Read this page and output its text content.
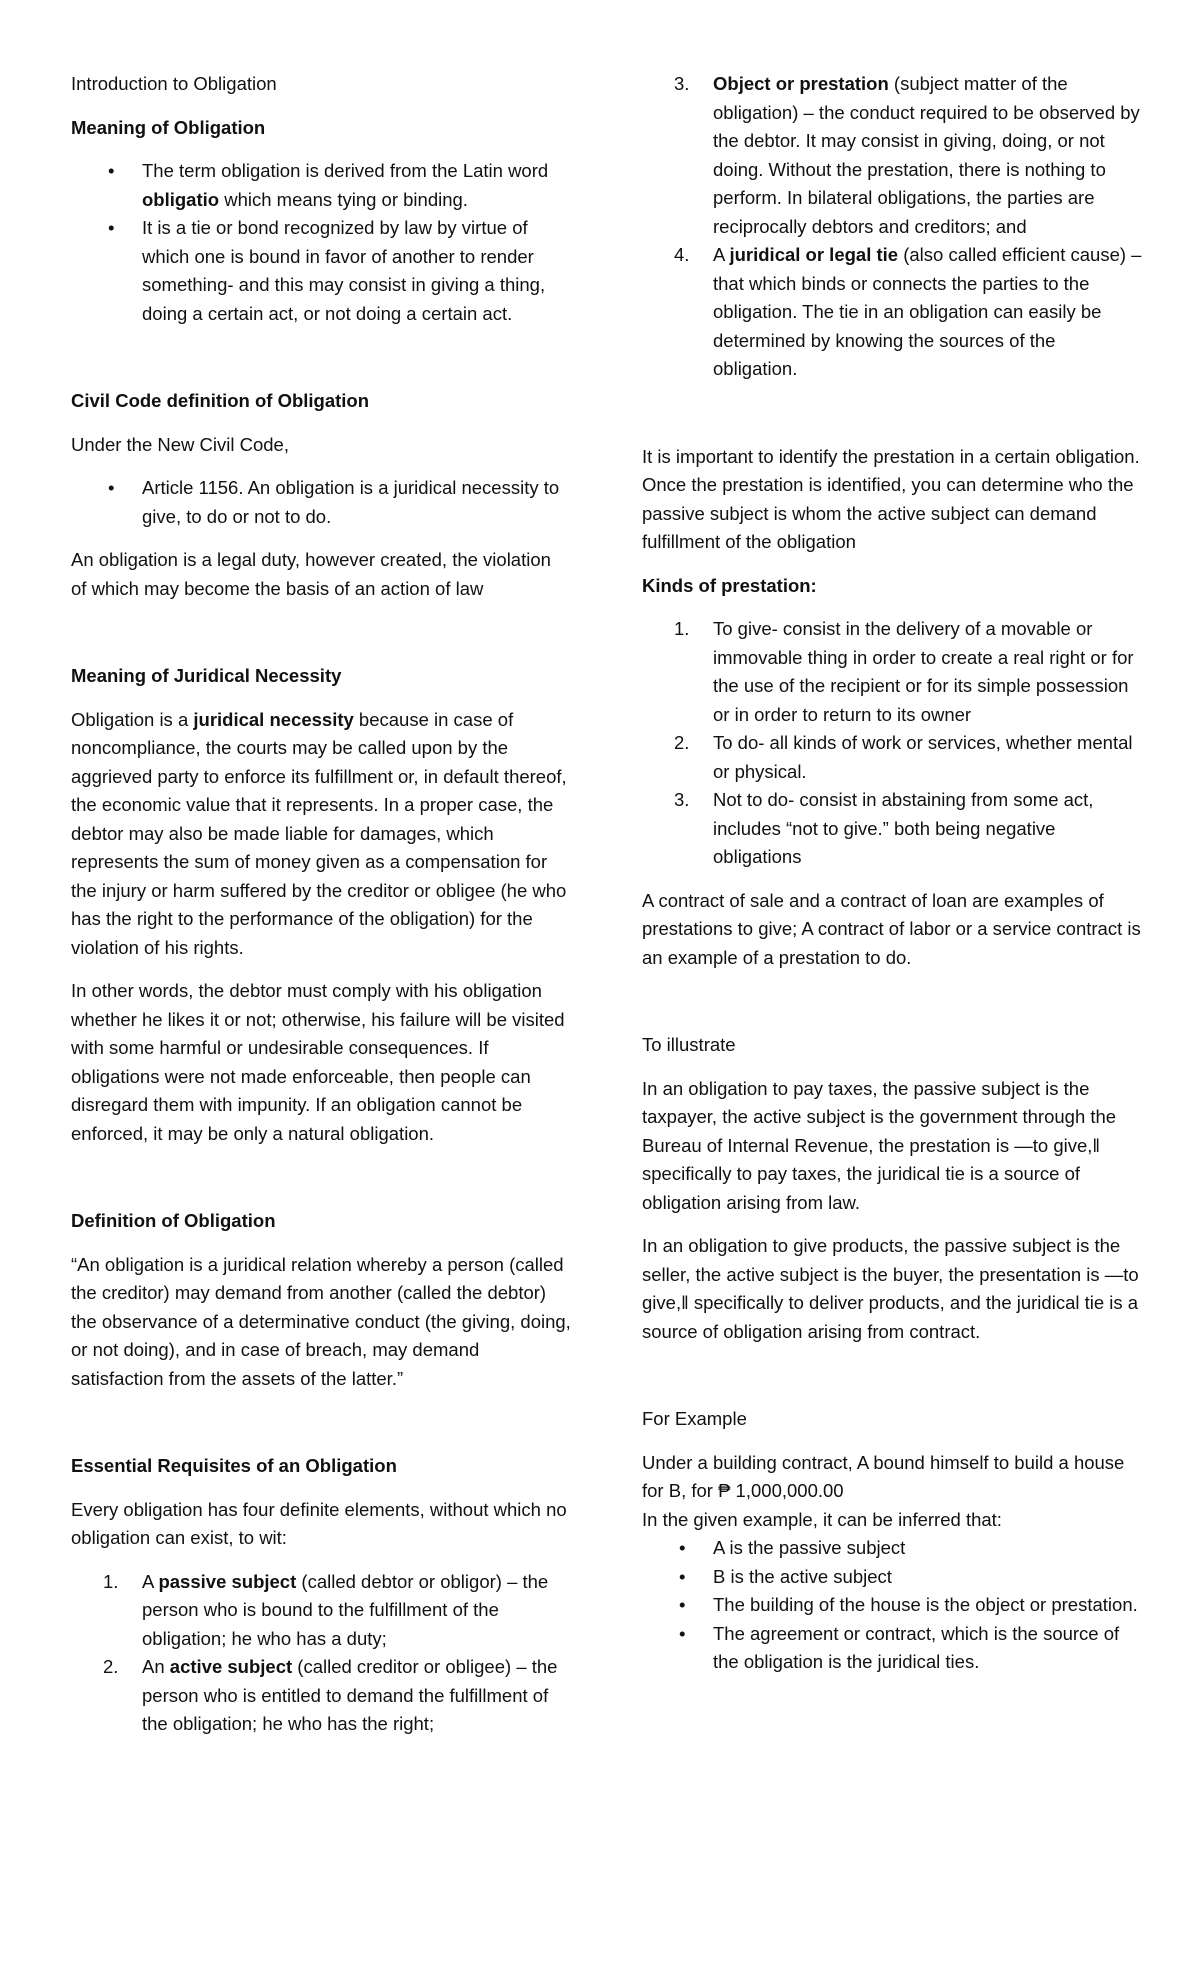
Introduction to Obligation

Meaning of Obligation

• The term obligation is derived from the Latin word obligatio which means tying or binding.
• It is a tie or bond recognized by law by virtue of which one is bound in favor of another to render something- and this may consist in giving a thing, doing a certain act, or not doing a certain act.

Civil Code definition of Obligation

Under the New Civil Code,

• Article 1156. An obligation is a juridical necessity to give, to do or not to do.

An obligation is a legal duty, however created, the violation of which may become the basis of an action of law

Meaning of Juridical Necessity

Obligation is a juridical necessity because in case of noncompliance, the courts may be called upon by the aggrieved party to enforce its fulfillment or, in default thereof, the economic value that it represents. In a proper case, the debtor may also be made liable for damages, which represents the sum of money given as a compensation for the injury or harm suffered by the creditor or obligee (he who has the right to the performance of the obligation) for the violation of his rights.

In other words, the debtor must comply with his obligation whether he likes it or not; otherwise, his failure will be visited with some harmful or undesirable consequences. If obligations were not made enforceable, then people can disregard them with impunity. If an obligation cannot be enforced, it may be only a natural obligation.

Definition of Obligation

“An obligation is a juridical relation whereby a person (called the creditor) may demand from another (called the debtor) the observance of a determinative conduct (the giving, doing, or not doing), and in case of breach, may demand satisfaction from the assets of the latter.”

Essential Requisites of an Obligation

Every obligation has four definite elements, without which no obligation can exist, to wit:

1. A passive subject (called debtor or obligor) – the person who is bound to the fulfillment of the obligation; he who has a duty;
2. An active subject (called creditor or obligee) – the person who is entitled to demand the fulfillment of the obligation; he who has the right;
3. Object or prestation (subject matter of the obligation) – the conduct required to be observed by the debtor. It may consist in giving, doing, or not doing. Without the prestation, there is nothing to perform. In bilateral obligations, the parties are reciprocally debtors and creditors; and
4. A juridical or legal tie (also called efficient cause) – that which binds or connects the parties to the obligation. The tie in an obligation can easily be determined by knowing the sources of the obligation.

It is important to identify the prestation in a certain obligation. Once the prestation is identified, you can determine who the passive subject is whom the active subject can demand fulfillment of the obligation

Kinds of prestation:

1. To give- consist in the delivery of a movable or immovable thing in order to create a real right or for the use of the recipient or for its simple possession or in order to return to its owner
2. To do- all kinds of work or services, whether mental or physical.
3. Not to do- consist in abstaining from some act, includes “not to give.” both being negative obligations

A contract of sale and a contract of loan are examples of prestations to give; A contract of labor or a service contract is an example of a prestation to do.

To illustrate

In an obligation to pay taxes, the passive subject is the taxpayer, the active subject is the government through the Bureau of Internal Revenue, the prestation is —to give,‖ specifically to pay taxes, the juridical tie is a source of obligation arising from law.

In an obligation to give products, the passive subject is the seller, the active subject is the buyer, the presentation is —to give,‖ specifically to deliver products, and the juridical tie is a source of obligation arising from contract.

For Example

Under a building contract, A bound himself to build a house for B, for ₱ 1,000,000.00

In the given example, it can be inferred that:

• A is the passive subject
• B is the active subject
• The building of the house is the object or prestation.
• The agreement or contract, which is the source of the obligation is the juridical ties.
